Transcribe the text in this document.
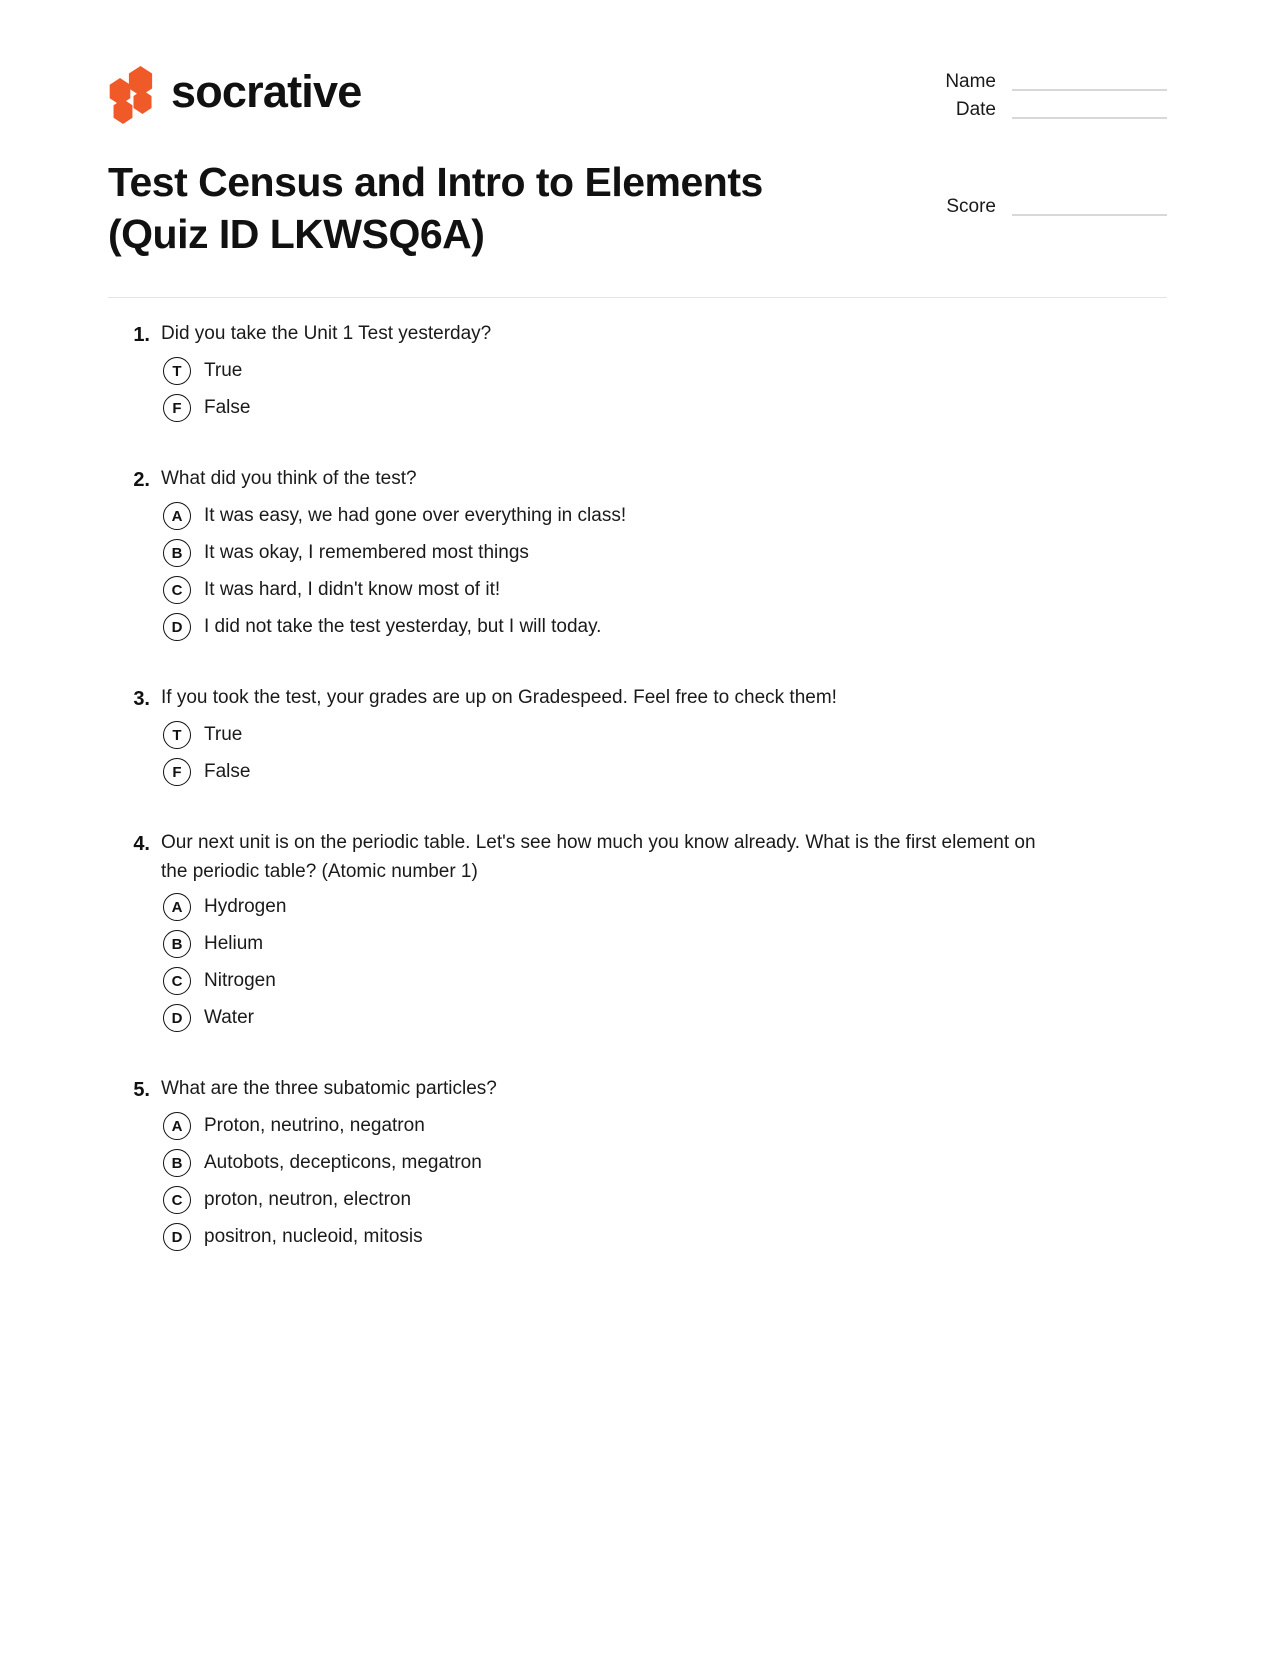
socrative	Name
Date
Score
Test Census and Intro to Elements (Quiz ID LKWSQ6A)
1. Did you take the Unit 1 Test yesterday?
T	True
F	False
2. What did you think of the test?
A	It was easy, we had gone over everything in class!
B	It was okay, I remembered most things
C	It was hard, I didn't know most of it!
D	I did not take the test yesterday, but I will today.
3. If you took the test, your grades are up on Gradespeed. Feel free to check them!
T	True
F	False
4. Our next unit is on the periodic table. Let's see how much you know already. What is the first element on the periodic table? (Atomic number 1)
A	Hydrogen
B	Helium
C	Nitrogen
D	Water
5. What are the three subatomic particles?
A	Proton, neutrino, negatron
B	Autobots, decepticons, megatron
C	proton, neutron, electron
D	positron, nucleoid, mitosis
